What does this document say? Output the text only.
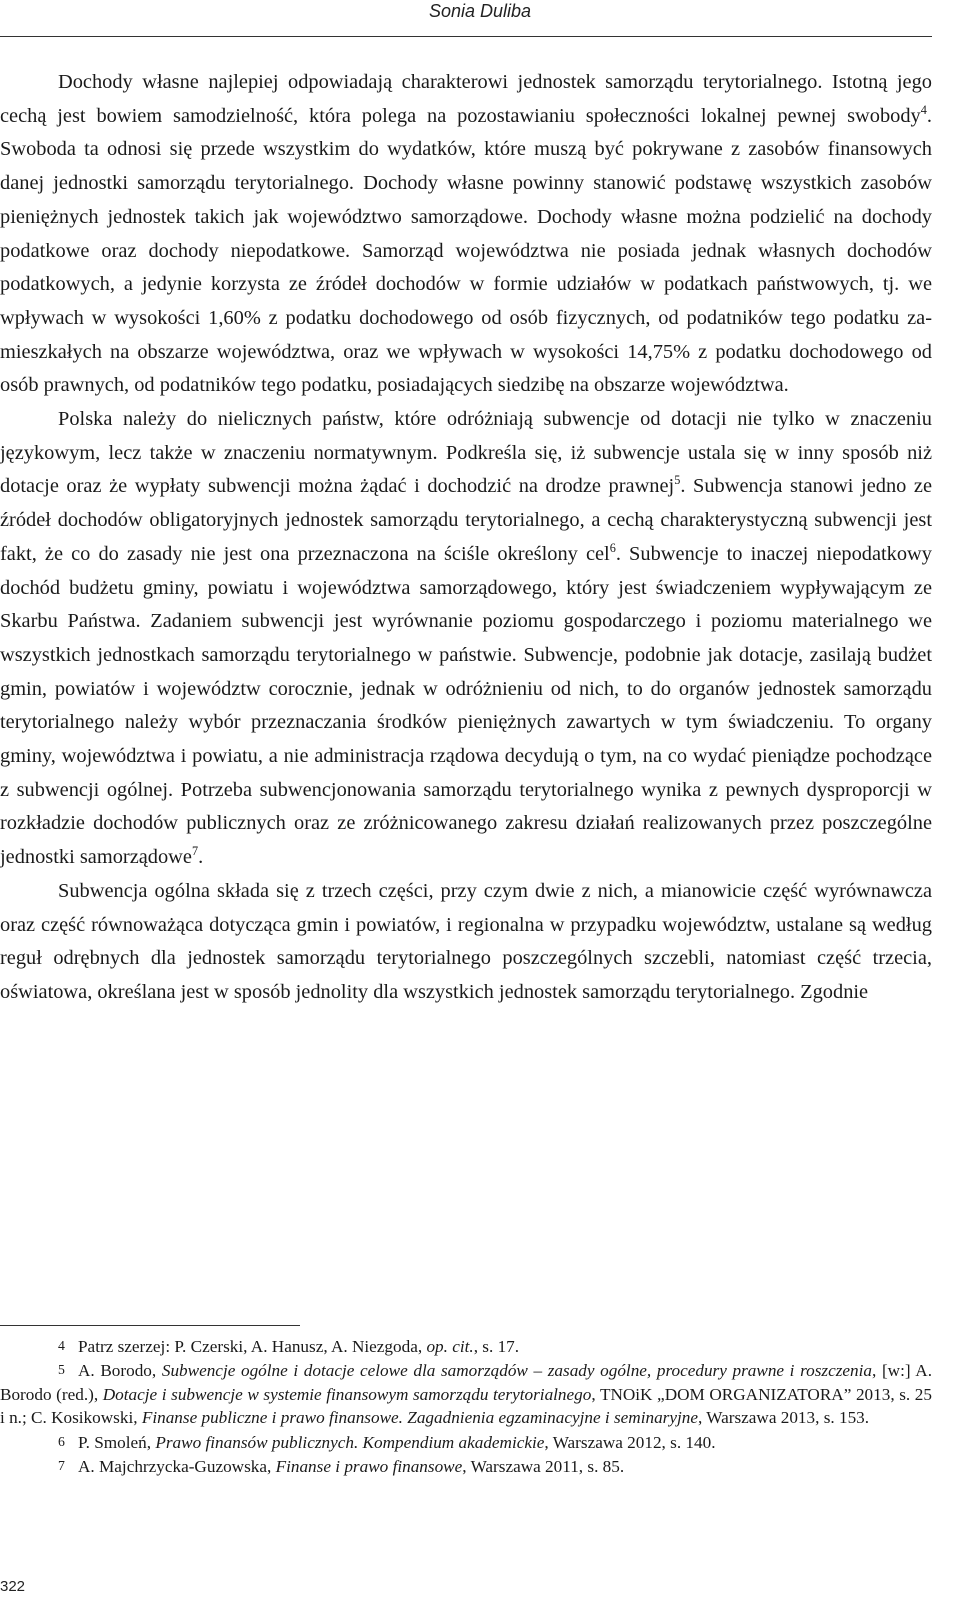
Sonia Duliba

Dochody własne najlepiej odpowiadają charakterowi jednostek samorządu terytorialnego. Istotną jego cechą jest bowiem samodzielność, która polega na pozostawianiu społeczności lokalnej pewnej swobody$^4$. Swoboda ta odnosi się przede wszystkim do wydatków, które muszą być pokrywane z zasobów finansowych danej jednostki samorządu terytorialnego. Dochody własne powinny stanowić podstawę wszystkich zasobów pieniężnych jednostek takich jak województwo samorządowe. Dochody własne można podzielić na dochody podatkowe oraz dochody niepodatkowe. Samorząd województwa nie posiada jednak własnych dochodów podatkowych, a jedynie korzysta ze źródeł dochodów w formie udziałów w podatkach państwowych, tj. we wpływach w wysokości 1,60% z podatku dochodowego od osób fizycznych, od podatników tego podatku zamieszkałych na obszarze województwa, oraz we wpływach w wysokości 14,75% z podatku dochodowego od osób prawnych, od podatników tego podatku, posiadających siedzibę na obszarze województwa.

Polska należy do nielicznych państw, które odróżniają subwencje od dotacji nie tylko w znaczeniu językowym, lecz także w znaczeniu normatywnym. Podkreśla się, iż subwencje ustala się w inny sposób niż dotacje oraz że wypłaty subwencji można żądać i dochodzić na drodze prawnej$^5$. Subwencja stanowi jedno ze źródeł dochodów obligatoryjnych jednostek samorządu terytorialnego, a cechą charakterystyczną subwencji jest fakt, że co do zasady nie jest ona przeznaczona na ściśle określony cel$^6$. Subwencje to inaczej niepodatkowy dochód budżetu gminy, powiatu i województwa samorządowego, który jest świadczeniem wypływającym ze Skarbu Państwa. Zadaniem subwencji jest wyrównanie poziomu gospodarczego i poziomu materialnego we wszystkich jednostkach samorządu terytorialnego w państwie. Subwencje, podobnie jak dotacje, zasilają budżet gmin, powiatów i województw corocznie, jednak w odróżnieniu od nich, to do organów jednostek samorządu terytorialnego należy wybór przeznaczania środków pieniężnych zawartych w tym świadczeniu. To organy gminy, województwa i powiatu, a nie administracja rządowa decydują o tym, na co wydać pieniądze pochodzące z subwencji ogólnej. Potrzeba subwencjonowania samorządu terytorialnego wynika z pewnych dysproporcji w rozkładzie dochodów publicznych oraz ze zróżnicowanego zakresu działań realizowanych przez poszczególne jednostki samorządowe$^7$.

Subwencja ogólna składa się z trzech części, przy czym dwie z nich, a mianowicie część wyrównawcza oraz część równoważąca dotycząca gmin i powiatów, i regionalna w przypadku województw, ustalane są według reguł odrębnych dla jednostek samorządu terytorialnego poszczególnych szczebli, natomiast część trzecia, oświatowa, określana jest w sposób jednolity dla wszystkich jednostek samorządu terytorialnego. Zgodnie

4 Patrz szerzej: P. Czerski, A. Hanusz, A. Niezgoda, op. cit., s. 17.

5 A. Borodo, Subwencje ogólne i dotacje celowe dla samorządów – zasady ogólne, procedury prawne i roszczenia, [w:] A. Borodo (red.), Dotacje i subwencje w systemie finansowym samorządu terytorialnego, TNOiK „DOM ORGANIZATORA” 2013, s. 25 i n.; C. Kosikowski, Finanse publiczne i prawo finansowe. Zagadnienia egzaminacyjne i seminaryjne, Warszawa 2013, s. 153.

6 P. Smoleń, Prawo finansów publicznych. Kompendium akademickie, Warszawa 2012, s. 140.

7 A. Majchrzycka-Guzowska, Finanse i prawo finansowe, Warszawa 2011, s. 85.

322
